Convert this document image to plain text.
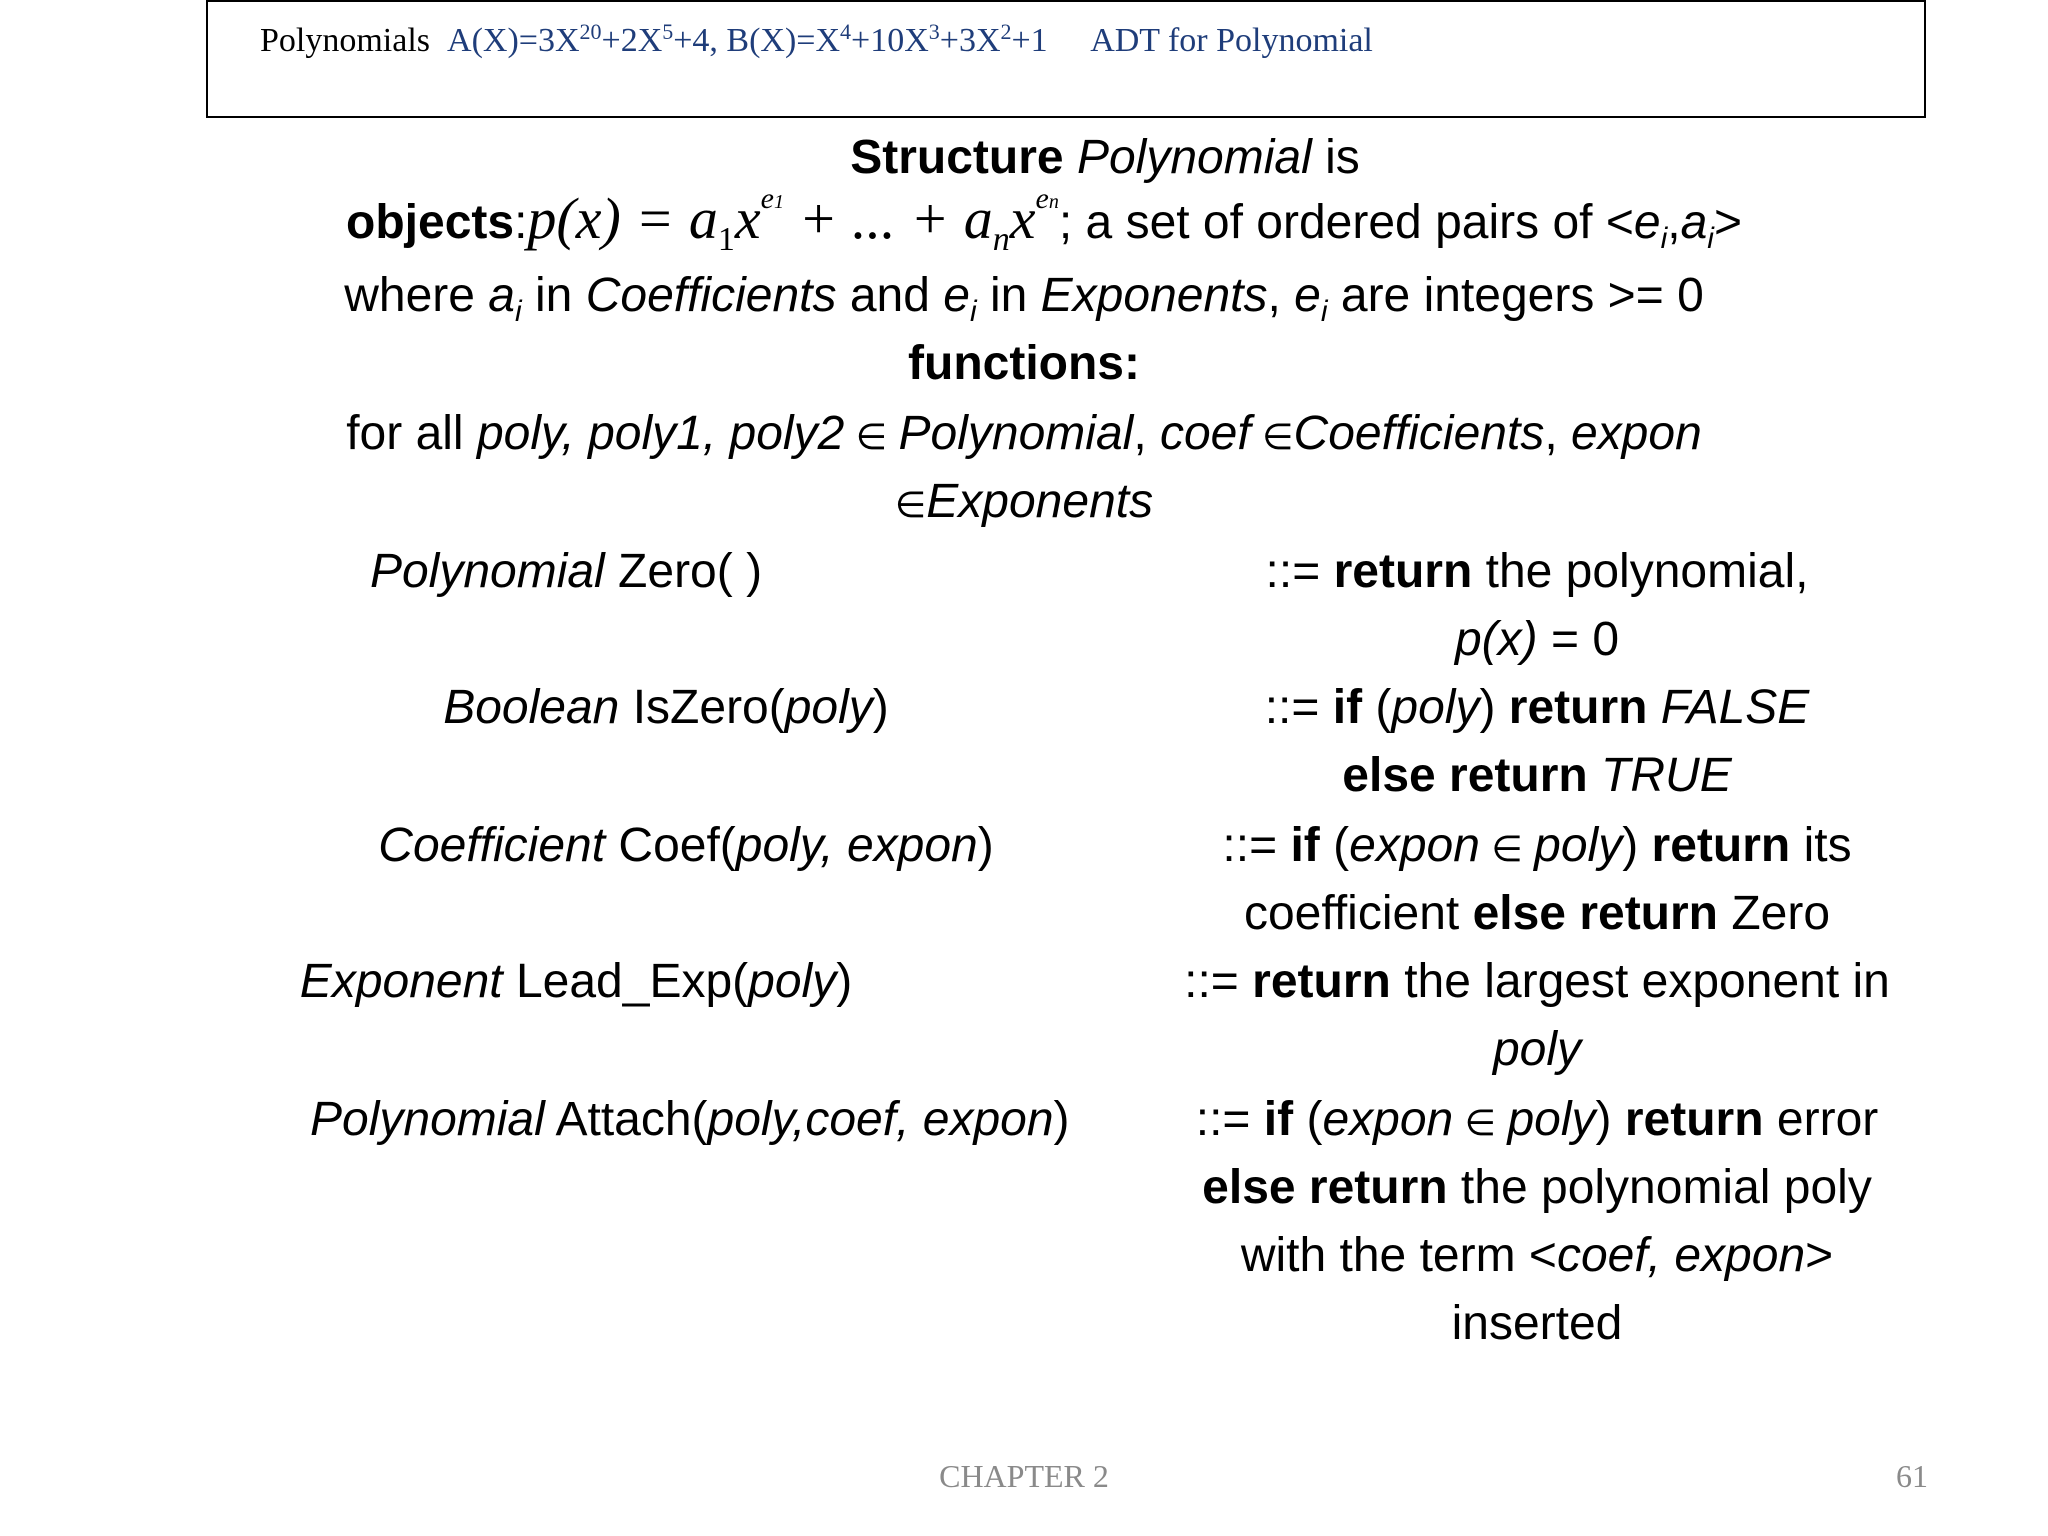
Polynomials $A(X)=3X^{20}+2X^5+4$, $B(X)=X^4+10X^3+3X^2+1$ ADT for Polynomial
Structure Polynomial is
objects:p(x) = $a_1x^{e1}$ + ... + $a_nx^{en}$; a set of ordered pairs of $<e_i,a_i>$
where $a_i$ in Coefficients and $e_i$ in Exponents, $e_i$ are integers >= 0
functions:
for all poly, poly1, poly2 ∈ Polynomial, coef ∈Coefficients, expon
∈Exponents
Polynomial Zero( )	::= return the polynomial,
p(x) = 0
Boolean IsZero(poly)	::= if (poly) return FALSE
else return TRUE
Coefficient Coef(poly, expon)	::= if (expon ∈ poly) return its
coefficient else return Zero
Exponent Lead_Exp(poly)	::= return the largest exponent in
poly
Polynomial Attach(poly,coef, expon)	::= if (expon ∈ poly) return error
else return the polynomial poly
with the term <coef, expon>
inserted
CHAPTER 2	61
